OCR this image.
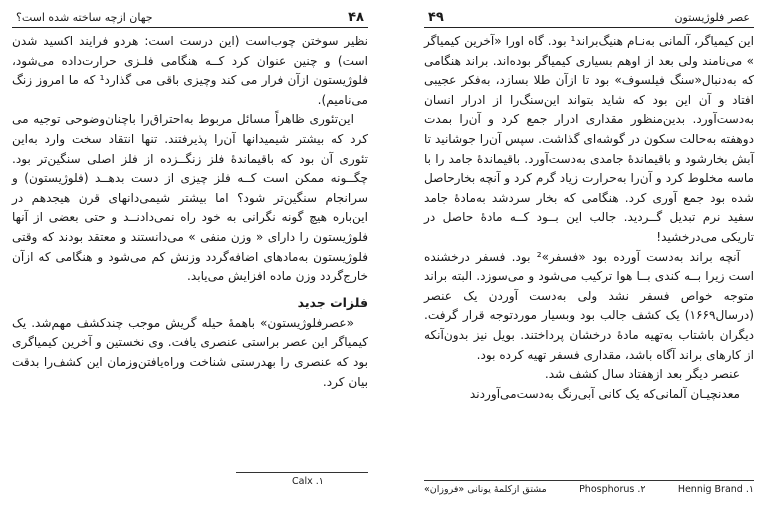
۴۸
جهان ازچه ساخته شده است؟

نظیر سوختن چوب‌است (این درست است: هردو فرایند اکسید شدن است) و چنین عنوان کرد کــه هنگامی فلـزی حرارت‌داده می‌شود، فلوژیستون ازآن فرار می کند وچیزی باقی می گذارد¹ که ما امروز زنگ می‌نامیم).

این‌تئوری ظاهراً مسائل مربوط به‌احتراق‌را با‌چنان‌وضوحی توجیه می کرد که بیشتر شیمیدانها آن‌را پذیرفتند. تنها انتقاد سخت وارد به‌این تئوری آن بود که باقیماندۀ فلز زنگــزده از فلز اصلی سنگین‌تر بود. چگــونه ممکن است کــه فلز چیزی از دست بدهــد (فلوژیستون) و سرانجام سنگین‌تر شود؟ اما بیشتر شیمی‌دانهای قرن هیجدهم در این‌باره هیچ گونه نگرانی به خود راه نمی‌دادنــد و حتی بعضی از آنها فلوژیستون را دارای « وزن منفی » می‌دانستند و معتقد بودند که وقتی فلوژیستون به‌مادهای اضافه‌گردد وزنش کم می‌شود و هنگامی که ازآن خارج‌گردد وزن ماده افزایش می‌یابد.

فلزات جدید

«عصرفلوژیستون» باهمۀ حیله گریش موجب چندکشف مهم‌شد. یک کیمیاگر این عصر براستی عنصری یافت. وی نخستین و آخرین کیمیاگری بود که عنصری را بهدرستی شناخت وراه‌یافتن‌وزمان این کشف‌را بدقت بیان کرد.

Calx .۱
عصر فلوژیستون
۴۹

این کیمیاگر، آلمانی به‌نـام هنیگ‌براند¹ بود. گاه اورا «آخرین کیمیاگر » می‌نامند ولی بعد از اوهم بسیاری کیمیاگر بوده‌اند. براند هنگامی که به‌دنبال«سنگ فیلسوف» بود تا ازآن طلا بسازد، به‌فکر عجیبی افتاد و آن این بود که شاید بتواند این‌سنگ‌را از ادرار انسان به‌دست‌آورد. بدین‌منظور مقداری ادرار جمع کرد و آن‌را بمدت دوهفته به‌حالت سکون در گوشه‌ای گذاشت. سپس آن‌را جوشانید تا آبش بخارشود و باقیماندۀ جامدی به‌دست‌آورد. باقیماندۀ جامد را با ماسه مخلوط کرد و آن‌را به‌حرارت زیاد گرم کرد و آنچه بخارحاصل شده بود جمع آوری کرد. هنگامی که بخار سردشد به‌مادۀ جامد سفید نرم تبدیل گــردید. جالب این بــود کــه مادۀ حاصل در تاریکی می‌درخشید!

آنچه براند به‌دست آورده بود «فسفر»² بود. فسفر درخشنده است زیرا بــه کندی بــا هوا ترکیب می‌شود و می‌سوزد. البته براند متوجه خواص فسفر نشد ولی به‌دست آوردن یک عنصر (درسال۱۶۶۹) یک کشف جالب بود وبسیار موردتوجه قرار گرفت. دیگران باشتاب به‌تهیه مادۀ درخشان پرداختند. بویل نیز بدون‌آنکه از کارهای براند آگاه باشد، مقداری فسفر تهیه کرده بود.

عنصر دیگر بعد ازهفتاد سال کشف شد.

معدنچیـان آلمانی‌که یک کانی آبی‌رنگ به‌دست‌می‌آوردند

مشتق ازکلمۀ یونانی «فروزان»	Phosphorus .۲	Hennig Brand .۱
